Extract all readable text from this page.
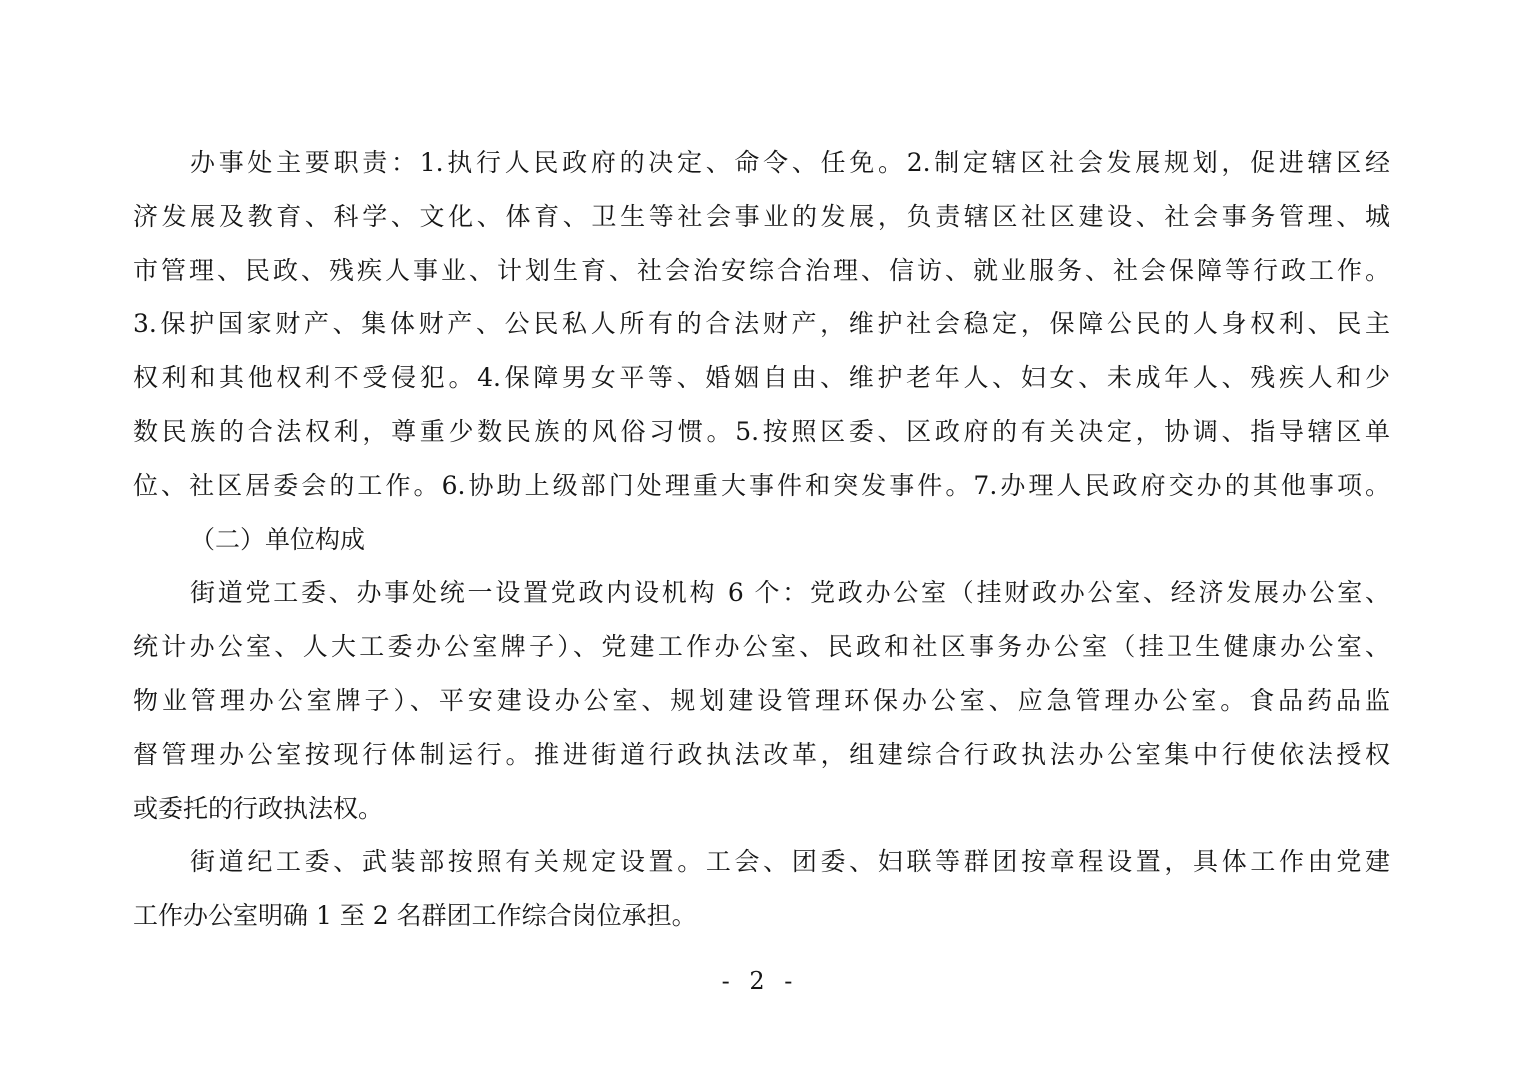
办事处主要职责：1.执行人民政府的决定、命令、任免。2.制定辖区社会发展规划，促进辖区经
济发展及教育、科学、文化、体育、卫生等社会事业的发展，负责辖区社区建设、社会事务管理、城
市管理、民政、残疾人事业、计划生育、社会治安综合治理、信访、就业服务、社会保障等行政工作。
3.保护国家财产、集体财产、公民私人所有的合法财产，维护社会稳定，保障公民的人身权利、民主
权利和其他权利不受侵犯。4.保障男女平等、婚姻自由、维护老年人、妇女、未成年人、残疾人和少
数民族的合法权利，尊重少数民族的风俗习惯。5.按照区委、区政府的有关决定，协调、指导辖区单
位、社区居委会的工作。6.协助上级部门处理重大事件和突发事件。7.办理人民政府交办的其他事项。
（二）单位构成
街道党工委、办事处统一设置党政内设机构 6 个：党政办公室（挂财政办公室、经济发展办公室、
统计办公室、人大工委办公室牌子）、党建工作办公室、民政和社区事务办公室（挂卫生健康办公室、
物业管理办公室牌子）、平安建设办公室、规划建设管理环保办公室、应急管理办公室。食品药品监
督管理办公室按现行体制运行。推进街道行政执法改革，组建综合行政执法办公室集中行使依法授权
或委托的行政执法权。
街道纪工委、武装部按照有关规定设置。工会、团委、妇联等群团按章程设置，具体工作由党建
工作办公室明确 1 至 2 名群团工作综合岗位承担。
- 2 -
